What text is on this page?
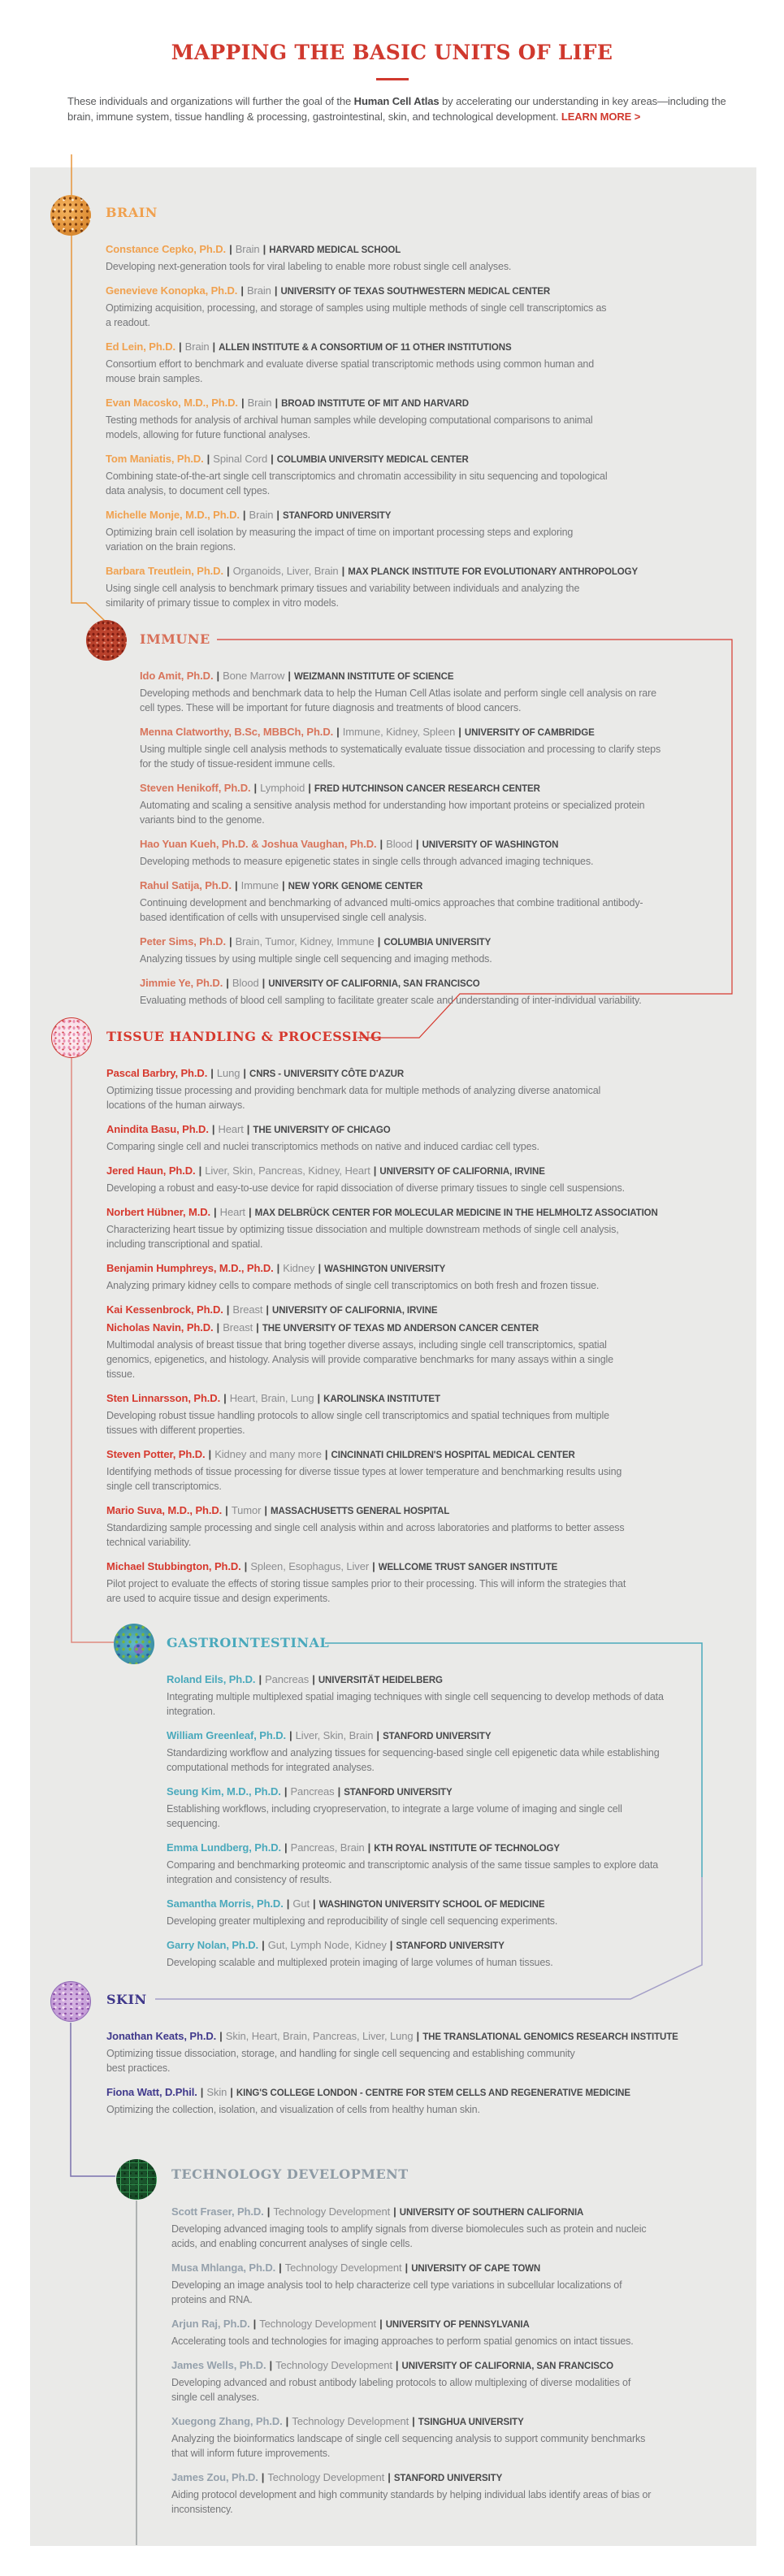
MAPPING THE BASIC UNITS OF LIFE
These individuals and organizations will further the goal of the Human Cell Atlas by accelerating our understanding in key areas—including the brain, immune system, tissue handling & processing, gastrointestinal, skin, and technological development. LEARN MORE >
BRAIN
Constance Cepko, Ph.D. | Brain | HARVARD MEDICAL SCHOOL
Developing next-generation tools for viral labeling to enable more robust single cell analyses.
Genevieve Konopka, Ph.D. | Brain | UNIVERSITY OF TEXAS SOUTHWESTERN MEDICAL CENTER
Optimizing acquisition, processing, and storage of samples using multiple methods of single cell transcriptomics as a readout.
Ed Lein, Ph.D. | Brain | ALLEN INSTITUTE & A CONSORTIUM OF 11 OTHER INSTITUTIONS
Consortium effort to benchmark and evaluate diverse spatial transcriptomic methods using common human and mouse brain samples.
Evan Macosko, M.D., Ph.D. | Brain | BROAD INSTITUTE OF MIT AND HARVARD
Testing methods for analysis of archival human samples while developing computational comparisons to animal models, allowing for future functional analyses.
Tom Maniatis, Ph.D. | Spinal Cord | COLUMBIA UNIVERSITY MEDICAL CENTER
Combining state-of-the-art single cell transcriptomics and chromatin accessibility in situ sequencing and topological data analysis, to document cell types.
Michelle Monje, M.D., Ph.D. | Brain | STANFORD UNIVERSITY
Optimizing brain cell isolation by measuring the impact of time on important processing steps and exploring variation on the brain regions.
Barbara Treutlein, Ph.D. | Organoids, Liver, Brain | MAX PLANCK INSTITUTE FOR EVOLUTIONARY ANTHROPOLOGY
Using single cell analysis to benchmark primary tissues and variability between individuals and analyzing the similarity of primary tissue to complex in vitro models.
IMMUNE
Ido Amit, Ph.D. | Bone Marrow | WEIZMANN INSTITUTE OF SCIENCE
Developing methods and benchmark data to help the Human Cell Atlas isolate and perform single cell analysis on rare cell types. These will be important for future diagnosis and treatments of blood cancers.
Menna Clatworthy, B.Sc, MBBCh, Ph.D. | Immune, Kidney, Spleen | UNIVERSITY OF CAMBRIDGE
Using multiple single cell analysis methods to systematically evaluate tissue dissociation and processing to clarify steps for the study of tissue-resident immune cells.
Steven Henikoff, Ph.D. | Lymphoid | FRED HUTCHINSON CANCER RESEARCH CENTER
Automating and scaling a sensitive analysis method for understanding how important proteins or specialized protein variants bind to the genome.
Hao Yuan Kueh, Ph.D. & Joshua Vaughan, Ph.D. | Blood | UNIVERSITY OF WASHINGTON
Developing methods to measure epigenetic states in single cells through advanced imaging techniques.
Rahul Satija, Ph.D. | Immune | NEW YORK GENOME CENTER
Continuing development and benchmarking of advanced multi-omics approaches that combine traditional antibody-based identification of cells with unsupervised single cell analysis.
Peter Sims, Ph.D. | Brain, Tumor, Kidney, Immune | COLUMBIA UNIVERSITY
Analyzing tissues by using multiple single cell sequencing and imaging methods.
Jimmie Ye, Ph.D. | Blood | UNIVERSITY OF CALIFORNIA, SAN FRANCISCO
Evaluating methods of blood cell sampling to facilitate greater scale and understanding of inter-individual variability.
TISSUE HANDLING & PROCESSING
Pascal Barbry, Ph.D. | Lung | CNRS - UNIVERSITY CÔTE D'AZUR
Optimizing tissue processing and providing benchmark data for multiple methods of analyzing diverse anatomical locations of the human airways.
Anindita Basu, Ph.D. | Heart | THE UNIVERSITY OF CHICAGO
Comparing single cell and nuclei transcriptomics methods on native and induced cardiac cell types.
Jered Haun, Ph.D. | Liver, Skin, Pancreas, Kidney, Heart | UNIVERSITY OF CALIFORNIA, IRVINE
Developing a robust and easy-to-use device for rapid dissociation of diverse primary tissues to single cell suspensions.
Norbert Hübner, M.D. | Heart | MAX DELBRÜCK CENTER FOR MOLECULAR MEDICINE IN THE HELMHOLTZ ASSOCIATION
Characterizing heart tissue by optimizing tissue dissociation and multiple downstream methods of single cell analysis, including transcriptional and spatial.
Benjamin Humphreys, M.D., Ph.D. | Kidney | WASHINGTON UNIVERSITY
Analyzing primary kidney cells to compare methods of single cell transcriptomics on both fresh and frozen tissue.
Kai Kessenbrock, Ph.D. | Breast | UNIVERSITY OF CALIFORNIA, IRVINE
Nicholas Navin, Ph.D. | Breast | THE UNVERSITY OF TEXAS MD ANDERSON CANCER CENTER
Multimodal analysis of breast tissue that bring together diverse assays, including single cell transcriptomics, spatial genomics, epigenetics, and histology. Analysis will provide comparative benchmarks for many assays within a single tissue.
Sten Linnarsson, Ph.D. | Heart, Brain, Lung | KAROLINSKA INSTITUTET
Developing robust tissue handling protocols to allow single cell transcriptomics and spatial techniques from multiple tissues with different properties.
Steven Potter, Ph.D. | Kidney and many more | CINCINNATI CHILDREN'S HOSPITAL MEDICAL CENTER
Identifying methods of tissue processing for diverse tissue types at lower temperature and benchmarking results using single cell transcriptomics.
Mario Suva, M.D., Ph.D. | Tumor | MASSACHUSETTS GENERAL HOSPITAL
Standardizing sample processing and single cell analysis within and across laboratories and platforms to better assess technical variability.
Michael Stubbington, Ph.D. | Spleen, Esophagus, Liver | WELLCOME TRUST SANGER INSTITUTE
Pilot project to evaluate the effects of storing tissue samples prior to their processing. This will inform the strategies that are used to acquire tissue and design experiments.
GASTROINTESTINAL
Roland Eils, Ph.D. | Pancreas | UNIVERSITÄT HEIDELBERG
Integrating multiple multiplexed spatial imaging techniques with single cell sequencing to develop methods of data integration.
William Greenleaf, Ph.D. | Liver, Skin, Brain | STANFORD UNIVERSITY
Standardizing workflow and analyzing tissues for sequencing-based single cell epigenetic data while establishing computational methods for integrated analyses.
Seung Kim, M.D., Ph.D. | Pancreas | STANFORD UNIVERSITY
Establishing workflows, including cryopreservation, to integrate a large volume of imaging and single cell sequencing.
Emma Lundberg, Ph.D. | Pancreas, Brain | KTH ROYAL INSTITUTE OF TECHNOLOGY
Comparing and benchmarking proteomic and transcriptomic analysis of the same tissue samples to explore data integration and consistency of results.
Samantha Morris, Ph.D. | Gut | WASHINGTON UNIVERSITY SCHOOL OF MEDICINE
Developing greater multiplexing and reproducibility of single cell sequencing experiments.
Garry Nolan, Ph.D. | Gut, Lymph Node, Kidney | STANFORD UNIVERSITY
Developing scalable and multiplexed protein imaging of large volumes of human tissues.
SKIN
Jonathan Keats, Ph.D. | Skin, Heart, Brain, Pancreas, Liver, Lung | THE TRANSLATIONAL GENOMICS RESEARCH INSTITUTE
Optimizing tissue dissociation, storage, and handling for single cell sequencing and establishing community best practices.
Fiona Watt, D.Phil. | Skin | KING'S COLLEGE LONDON - CENTRE FOR STEM CELLS AND REGENERATIVE MEDICINE
Optimizing the collection, isolation, and visualization of cells from healthy human skin.
TECHNOLOGY DEVELOPMENT
Scott Fraser, Ph.D. | Technology Development | UNIVERSITY OF SOUTHERN CALIFORNIA
Developing advanced imaging tools to amplify signals from diverse biomolecules such as protein and nucleic acids, and enabling concurrent analyses of single cells.
Musa Mhlanga, Ph.D. | Technology Development | UNIVERSITY OF CAPE TOWN
Developing an image analysis tool to help characterize cell type variations in subcellular localizations of proteins and RNA.
Arjun Raj, Ph.D. | Technology Development | UNIVERSITY OF PENNSYLVANIA
Accelerating tools and technologies for imaging approaches to perform spatial genomics on intact tissues.
James Wells, Ph.D. | Technology Development | UNIVERSITY OF CALIFORNIA, SAN FRANCISCO
Developing advanced and robust antibody labeling protocols to allow multiplexing of diverse modalities of single cell analyses.
Xuegong Zhang, Ph.D. | Technology Development | TSINGHUA UNIVERSITY
Analyzing the bioinformatics landscape of single cell sequencing analysis to support community benchmarks that will inform future improvements.
James Zou, Ph.D. | Technology Development | STANFORD UNIVERSITY
Aiding protocol development and high community standards by helping individual labs identify areas of bias or inconsistency.
